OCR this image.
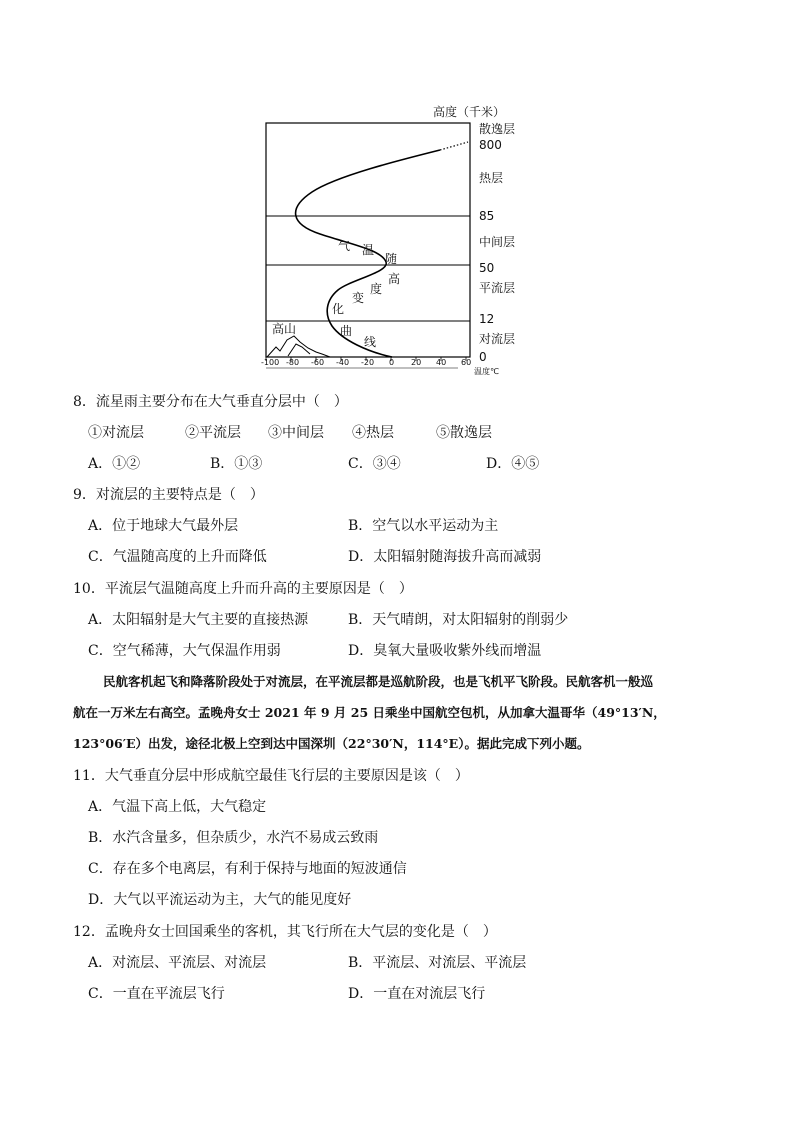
高度（千米）
散逸层
800
热层
85
中间层
50
平流层
12
对流层
0
高山
气 温
随
高
度
变
化
曲
线
-100 -80 -60 -40 -20 0 20 40 60
温度℃
8．流星雨主要分布在大气垂直分层中（　）
①对流层	②平流层 ③中间层 ④热层	⑤散逸层
A．①②	B．①③	C．③④	D．④⑤
9．对流层的主要特点是（　）
A．位于地球大气最外层	B．空气以水平运动为主
C．气温随高度的上升而降低	D．太阳辐射随海拔升高而减弱
10．平流层气温随高度上升而升高的主要原因是（　）
A．太阳辐射是大气主要的直接热源	B．天气晴朗，对太阳辐射的削弱少
C．空气稀薄，大气保温作用弱	D．臭氧大量吸收紫外线而增温
民航客机起飞和降落阶段处于对流层，在平流层都是巡航阶段，也是飞机平飞阶段。民航客机一般巡
航在一万米左右高空。孟晚舟女士 2021 年 9 月 25 日乘坐中国航空包机，从加拿大温哥华（49°13′N，
123°06′E）出发，途径北极上空到达中国深圳（22°30′N，114°E）。据此完成下列小题。
11．大气垂直分层中形成航空最佳飞行层的主要原因是该（　）
A．气温下高上低，大气稳定
B．水汽含量多，但杂质少，水汽不易成云致雨
C．存在多个电离层，有利于保持与地面的短波通信
D．大气以平流运动为主，大气的能见度好
12．孟晚舟女士回国乘坐的客机，其飞行所在大气层的变化是（　）
A．对流层、平流层、对流层	B．平流层、对流层、平流层
C．一直在平流层飞行	D．一直在对流层飞行
